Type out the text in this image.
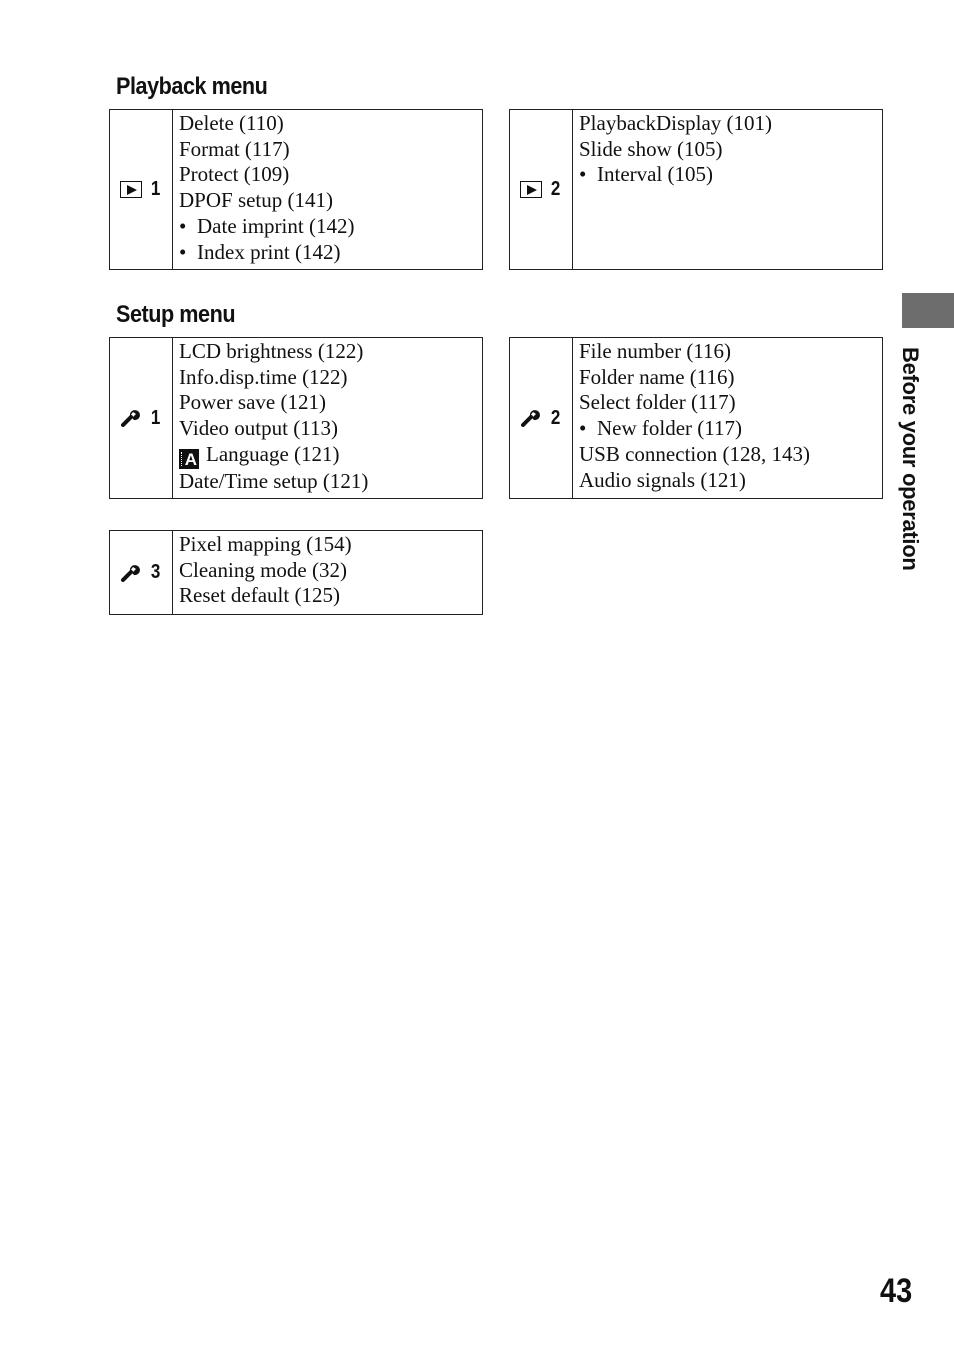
Playback menu
1
Delete (110)
Format (117)
Protect (109)
DPOF setup (141)
• Date imprint (142)
• Index print (142)
2
PlaybackDisplay (101)
Slide show (105)
• Interval (105)
Setup menu
1
LCD brightness (122)
Info.disp.time (122)
Power save (121)
Video output (113)
A Language (121)
Date/Time setup (121)
2
File number (116)
Folder name (116)
Select folder (117)
• New folder (117)
USB connection (128, 143)
Audio signals (121)
3
Pixel mapping (154)
Cleaning mode (32)
Reset default (125)
Before your operation
43
